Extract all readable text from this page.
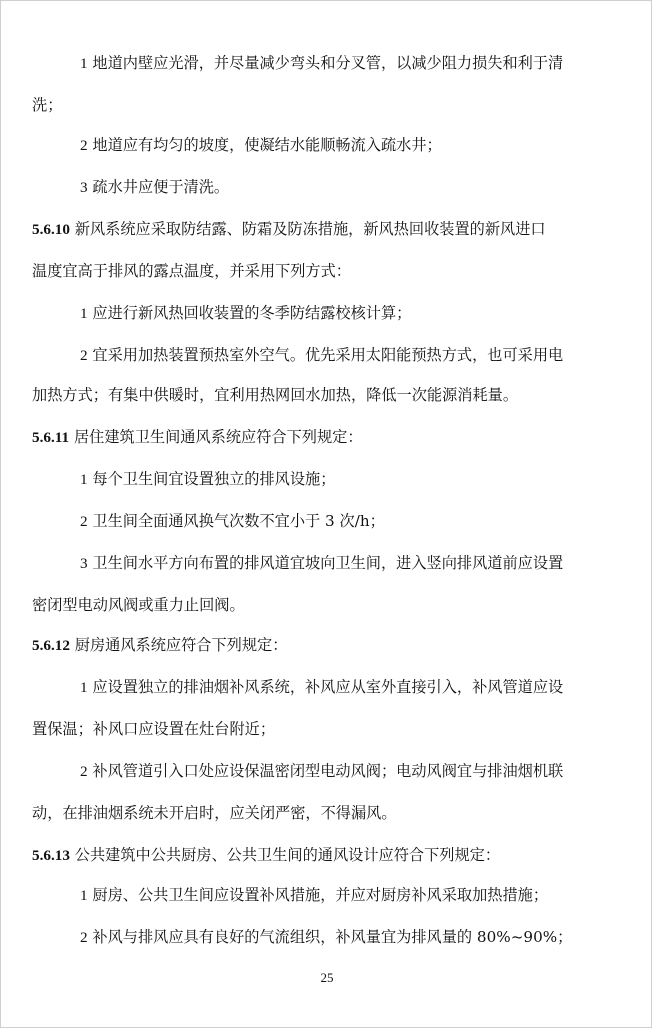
1 地道内壁应光滑，并尽量减少弯头和分叉管，以减少阻力损失和利于清
洗；
2 地道应有均匀的坡度，使凝结水能顺畅流入疏水井；
3 疏水井应便于清洗。
5.6.10 新风系统应采取防结露、防霜及防冻措施，新风热回收装置的新风进口
温度宜高于排风的露点温度，并采用下列方式：
1 应进行新风热回收装置的冬季防结露校核计算；
2 宜采用加热装置预热室外空气。优先采用太阳能预热方式，也可采用电
加热方式；有集中供暖时，宜利用热网回水加热，降低一次能源消耗量。
5.6.11 居住建筑卫生间通风系统应符合下列规定：
1 每个卫生间宜设置独立的排风设施；
2 卫生间全面通风换气次数不宜小于 3 次/h；
3 卫生间水平方向布置的排风道宜坡向卫生间，进入竖向排风道前应设置
密闭型电动风阀或重力止回阀。
5.6.12 厨房通风系统应符合下列规定：
1 应设置独立的排油烟补风系统，补风应从室外直接引入，补风管道应设
置保温；补风口应设置在灶台附近；
2 补风管道引入口处应设保温密闭型电动风阀；电动风阀宜与排油烟机联
动，在排油烟系统未开启时，应关闭严密，不得漏风。
5.6.13 公共建筑中公共厨房、公共卫生间的通风设计应符合下列规定：
1 厨房、公共卫生间应设置补风措施，并应对厨房补风采取加热措施；
2 补风与排风应具有良好的气流组织，补风量宜为排风量的 80%~90%；
25
